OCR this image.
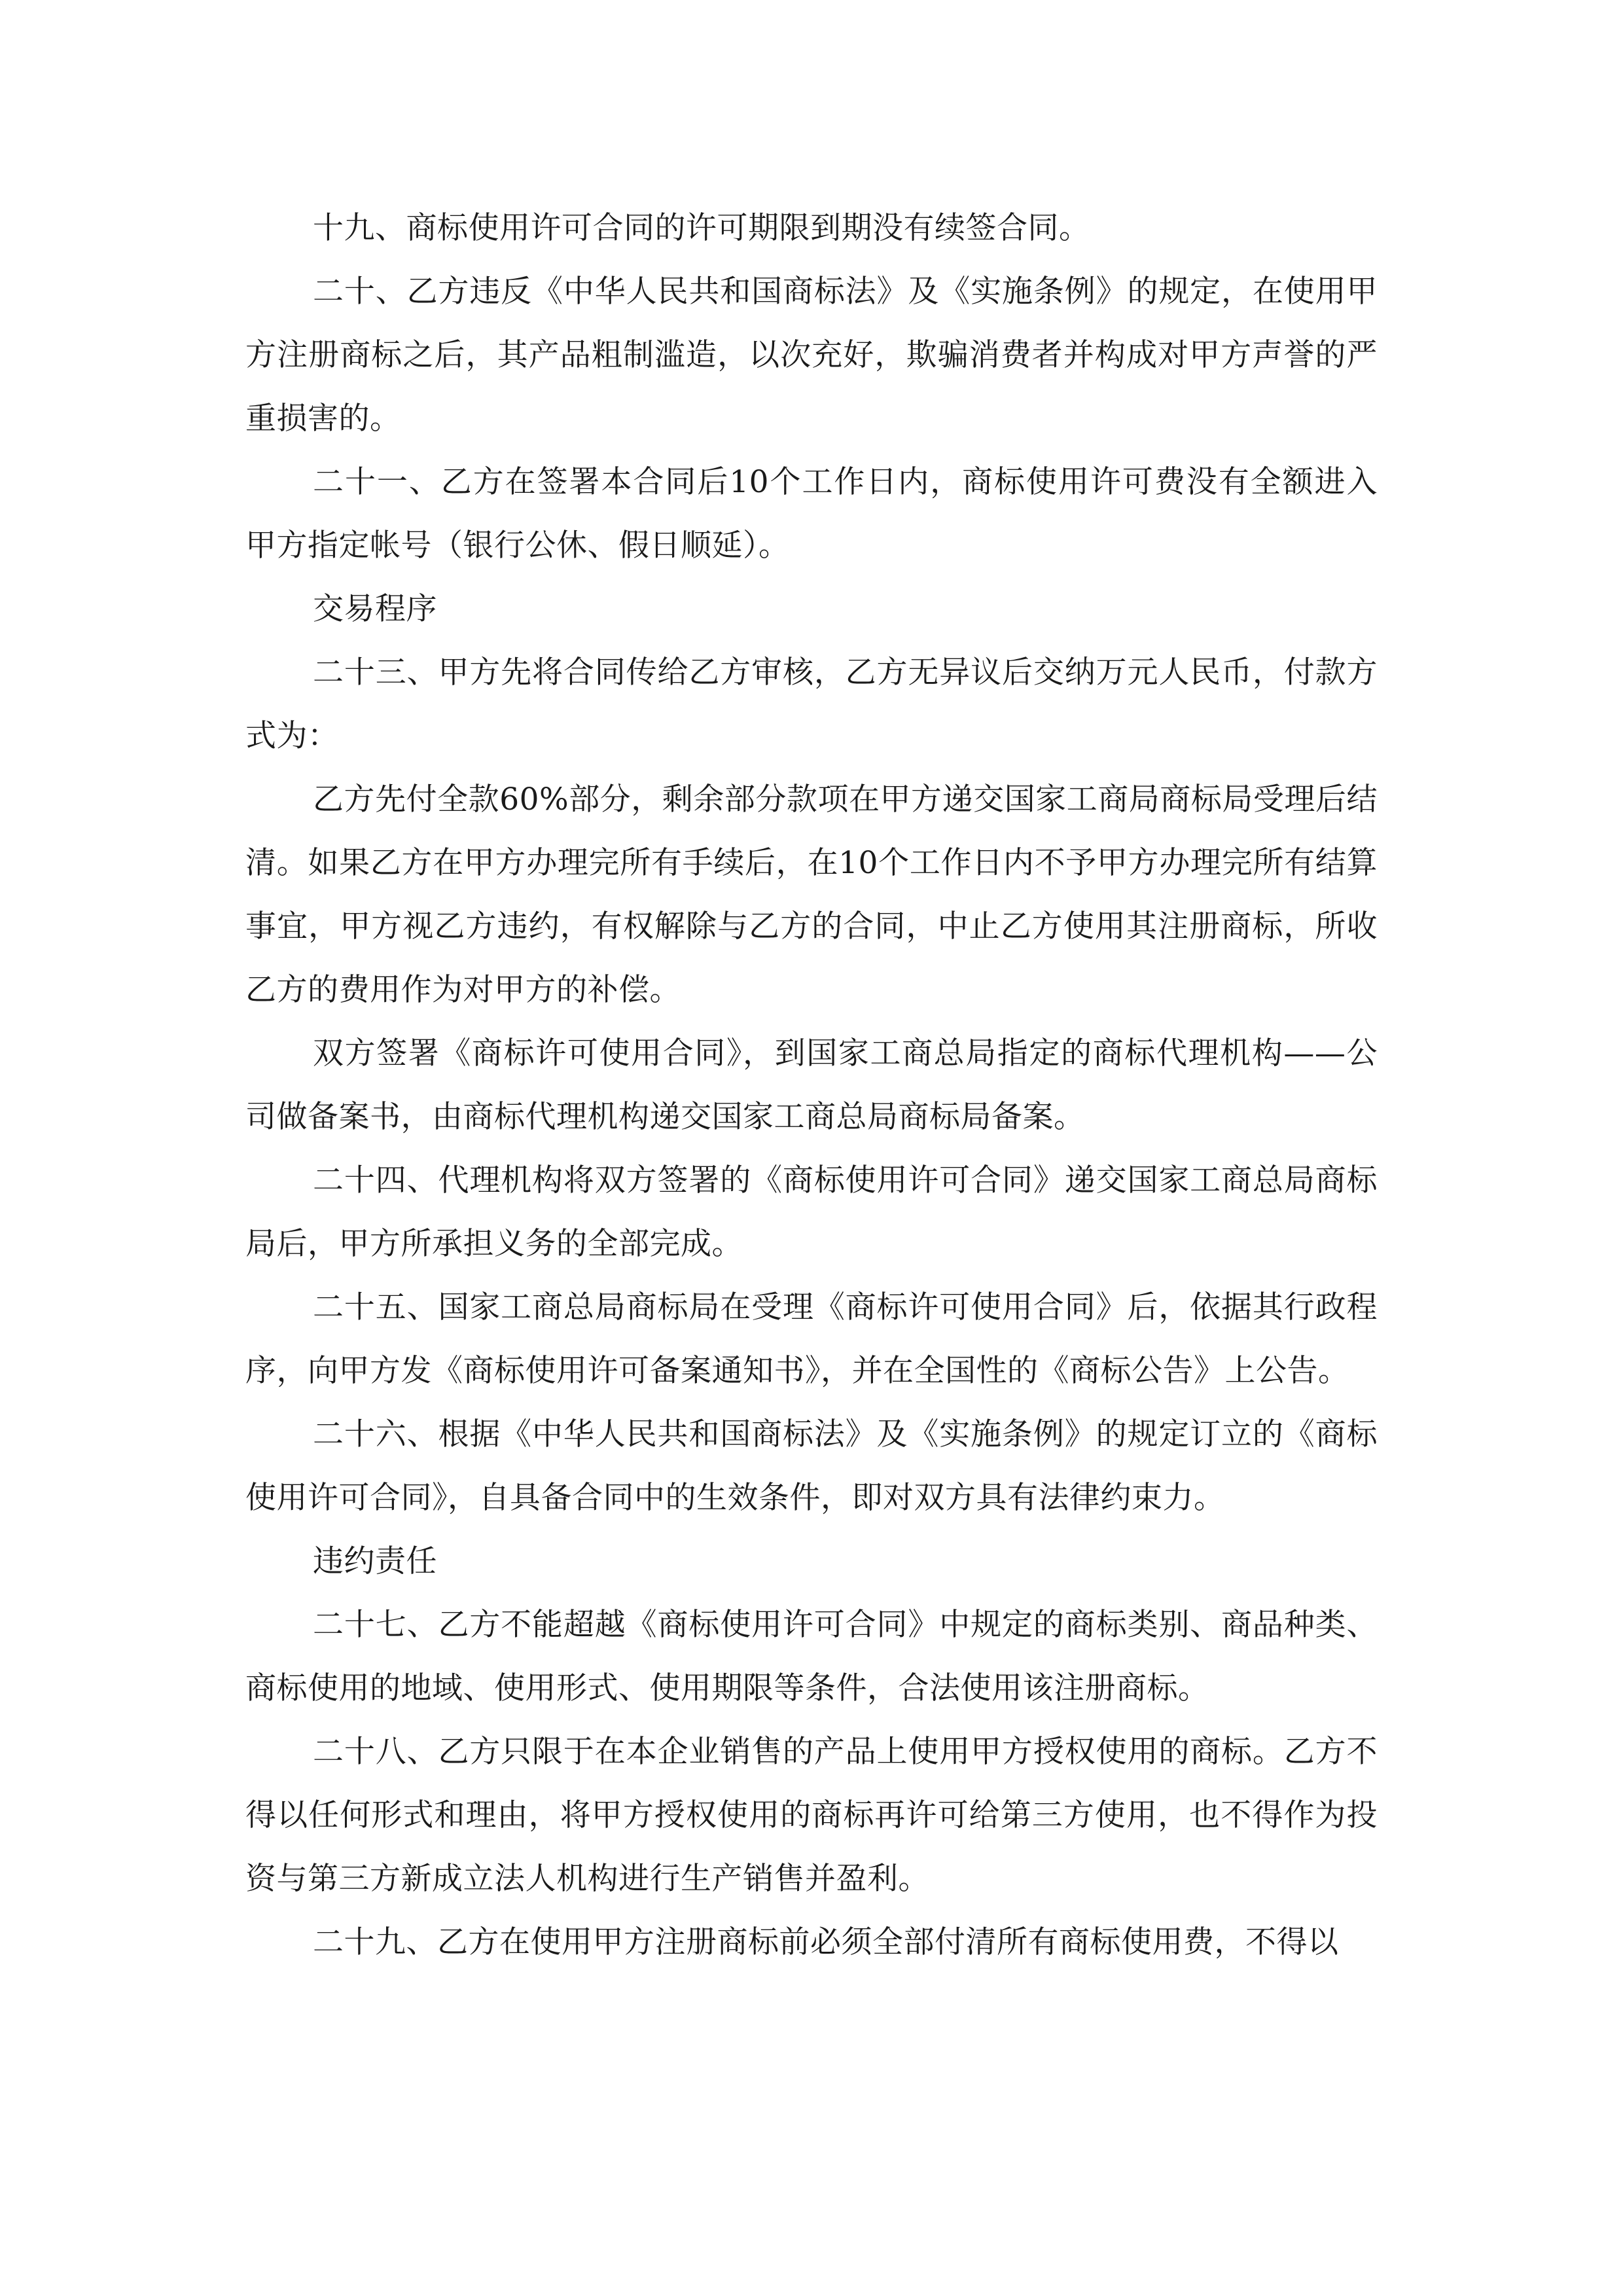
十九、商标使用许可合同的许可期限到期没有续签合同。

二十、乙方违反《中华人民共和国商标法》及《实施条例》的规定，在使用甲方注册商标之后，其产品粗制滥造，以次充好，欺骗消费者并构成对甲方声誉的严重损害的。

二十一、乙方在签署本合同后10个工作日内，商标使用许可费没有全额进入甲方指定帐号（银行公休、假日顺延）。

交易程序

二十三、甲方先将合同传给乙方审核，乙方无异议后交纳万元人民币，付款方式为：

乙方先付全款60%部分，剩余部分款项在甲方递交国家工商局商标局受理后结清。如果乙方在甲方办理完所有手续后，在10个工作日内不予甲方办理完所有结算事宜，甲方视乙方违约，有权解除与乙方的合同，中止乙方使用其注册商标，所收乙方的费用作为对甲方的补偿。

双方签署《商标许可使用合同》，到国家工商总局指定的商标代理机构——公司做备案书，由商标代理机构递交国家工商总局商标局备案。

二十四、代理机构将双方签署的《商标使用许可合同》递交国家工商总局商标局后，甲方所承担义务的全部完成。

二十五、国家工商总局商标局在受理《商标许可使用合同》后，依据其行政程序，向甲方发《商标使用许可备案通知书》，并在全国性的《商标公告》上公告。

二十六、根据《中华人民共和国商标法》及《实施条例》的规定订立的《商标使用许可合同》，自具备合同中的生效条件，即对双方具有法律约束力。

违约责任

二十七、乙方不能超越《商标使用许可合同》中规定的商标类别、商品种类、商标使用的地域、使用形式、使用期限等条件，合法使用该注册商标。

二十八、乙方只限于在本企业销售的产品上使用甲方授权使用的商标。乙方不得以任何形式和理由，将甲方授权使用的商标再许可给第三方使用，也不得作为投资与第三方新成立法人机构进行生产销售并盈利。

二十九、乙方在使用甲方注册商标前必须全部付清所有商标使用费，不得以
